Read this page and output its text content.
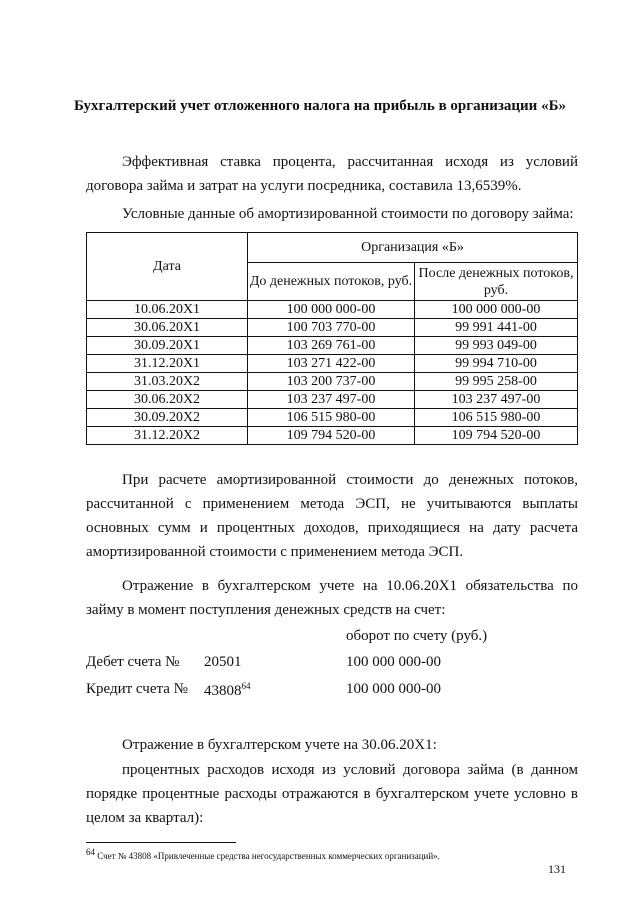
Бухгалтерский учет отложенного налога на прибыль в организации «Б»
Эффективная ставка процента, рассчитанная исходя из условий договора займа и затрат на услуги посредника, составила 13,6539%.
Условные данные об амортизированной стоимости по договору займа:
Дата	Организация «Б»	
	До денежных потоков, руб.	После денежных потоков, руб.
10.06.20X1	100 000 000-00	100 000 000-00
30.06.20X1	100 703 770-00	99 991 441-00
30.09.20X1	103 269 761-00	99 993 049-00
31.12.20X1	103 271 422-00	99 994 710-00
31.03.20X2	103 200 737-00	99 995 258-00
30.06.20X2	103 237 497-00	103 237 497-00
30.09.20X2	106 515 980-00	106 515 980-00
31.12.20X2	109 794 520-00	109 794 520-00
При расчете амортизированной стоимости до денежных потоков, рассчитанной с применением метода ЭСП, не учитываются выплаты основных сумм и процентных доходов, приходящиеся на дату расчета амортизированной стоимости с применением метода ЭСП.
Отражение в бухгалтерском учете на 10.06.20X1 обязательства по займу в момент поступления денежных средств на счет:
оборот по счету (руб.)
Дебет счета № 20501	100 000 000-00
Кредит счета № 43808$^{64}$	100 000 000-00
Отражение в бухгалтерском учете на 30.06.20X1:
процентных расходов исходя из условий договора займа (в данном порядке процентные расходы отражаются в бухгалтерском учете условно в целом за квартал):
$^{64}$ Счет № 43808 «Привлеченные средства негосударственных коммерческих организаций».
131
